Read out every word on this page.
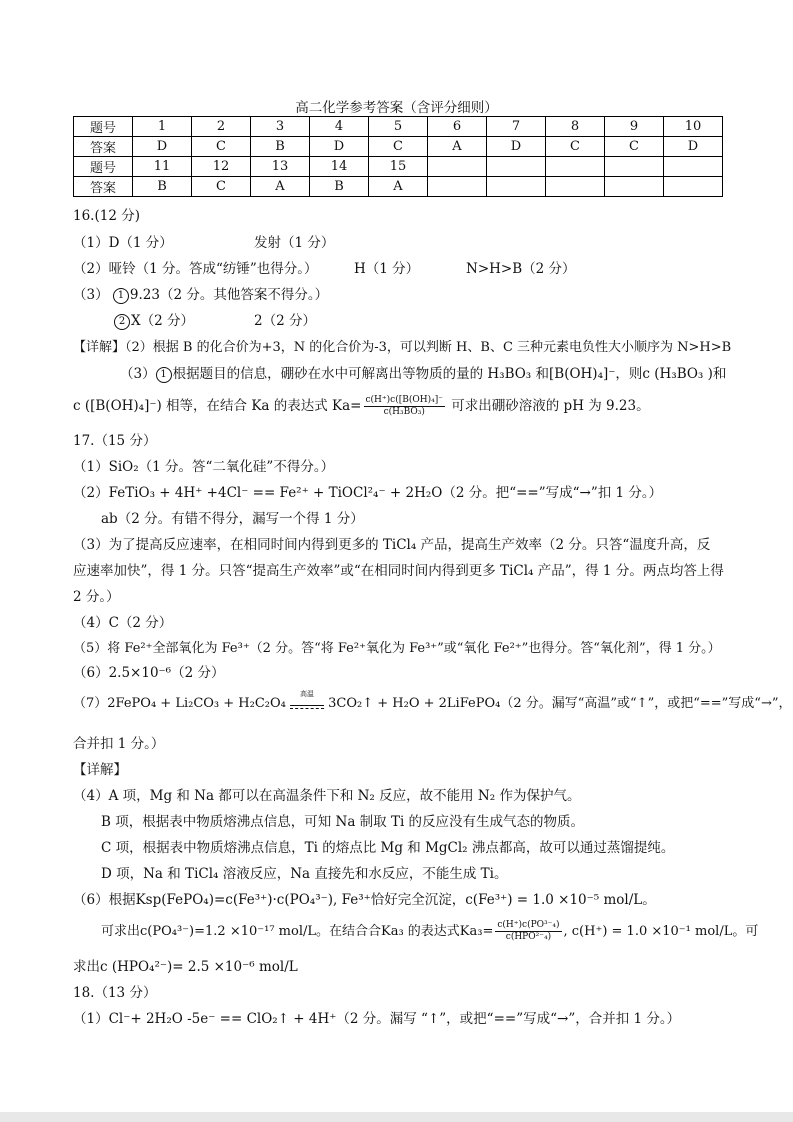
高二化学参考答案（含评分细则）
题号	1	2	3	4	5	6	7	8	9	10
答案	D	C	B	D	C	A	D	C	C	D
题号	11	12	13	14	15					
答案	B	C	A	B	A					
16.(12 分)
（1）D（1 分）	发射（1 分）
（2）哑铃（1 分。答成“纺锤”也得分。）	H（1 分）	N>H>B（2 分）
（3） 1 9.23（2 分。其他答案不得分。）
2 X（2 分）	2（2 分）
【详解】（2）根据 B 的化合价为+3，N 的化合价为-3，可以判断 H、B、C 三种元素电负性大小顺序为 N>H>B
（3） 1 根据题目的信息，硼砂在水中可解离出等物质的量的 H₃BO₃ 和[B(OH)₄]⁻，则c (H₃BO₃ )和
c ([B(OH)₄]⁻) 相等，在结合 Ka 的表达式 $Ka= \frac{\text{c(H⁺)c([B(OH)₄]⁻}}{\text{c(H₃BO₃)}}$ 可求出硼砂溶液的 pH 为 9.23。
17.（15 分）
（1）SiO₂（1 分。答“二氧化硅”不得分。）
（2）FeTiO₃ + 4H⁺ +4Cl⁻ == Fe²⁺ + TiOCl²₄⁻ + 2H₂O（2 分。把“==”写成“→”扣 1 分。）
ab（2 分。有错不得分，漏写一个得 1 分）
（3）为了提高反应速率，在相同时间内得到更多的 TiCl₄ 产品，提高生产效率（2 分。只答“温度升高，反
应速率加快”，得 1 分。只答“提高生产效率”或“在相同时间内得到更多 TiCl₄ 产品”，得 1 分。两点均答上得
2 分。）
（4）C（2 分）
（5）将 Fe²⁺全部氧化为 Fe³⁺（2 分。答“将 Fe²⁺氧化为 Fe³⁺”或“氧化 Fe²⁺”也得分。答“氧化剂”，得 1 分。）
（6）2.5×10⁻⁶（2 分）
（7）2FePO₄ + Li₂CO₃ + H₂C₂O₄
高温
3CO₂↑ + H₂O + 2LiFePO₄（2 分。漏写“高温”或“↑”，或把“==”写成“→”，
合并扣 1 分。）
【详解】
（4）A 项，Mg 和 Na 都可以在高温条件下和 N₂ 反应，故不能用 N₂ 作为保护气。
B 项，根据表中物质熔沸点信息，可知 Na 制取 Ti 的反应没有生成气态的物质。
C 项，根据表中物质熔沸点信息，Ti 的熔点比 Mg 和 MgCl₂ 沸点都高，故可以通过蒸馏提纯。
D 项，Na 和 TiCl₄ 溶液反应，Na 直接先和水反应，不能生成 Ti。
（6）根据Ksp(FePO₄)=c(Fe³⁺)·c(PO₄³⁻), Fe³⁺恰好完全沉淀，c(Fe³⁺) = 1.0 ×10⁻⁵ mol/L。
可求出c(PO₄³⁻)=1.2 ×10⁻¹⁷ mol/L。在结合合Ka₃ 的表达式$Ka_3= \frac{\text{c(H⁺)c(PO³⁻₄)}}{\text{c(HPO²⁻₄)}}$ , c(H⁺) = 1.0 ×10⁻¹ mol/L。可
求出c (HPO₄²⁻)= 2.5 ×10⁻⁶ mol/L
18.（13 分）
（1）Cl⁻+ 2H₂O -5e⁻ == ClO₂↑ + 4H⁺（2 分。漏写 “↑”，或把“==”写成“→”，合并扣 1 分。）
